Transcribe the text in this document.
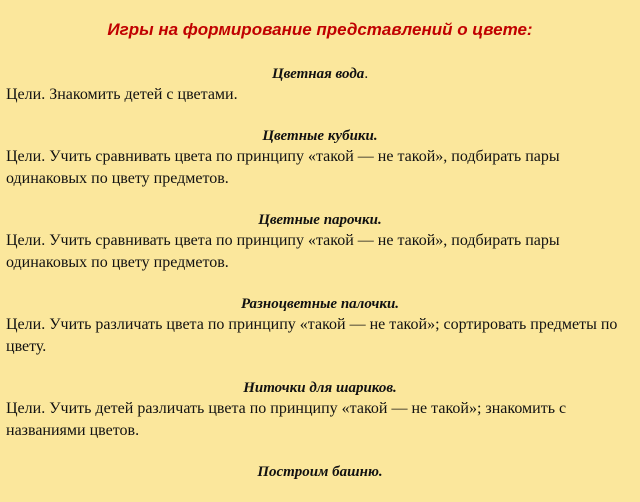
Игры на формирование представлений о цвете:
Цветная вода.
Цели. Знакомить детей с цветами.
Цветные кубики.
Цели. Учить сравнивать цвета по принципу «такой — не такой», подбирать пары одинаковых по цвету предметов.
Цветные парочки.
Цели. Учить сравнивать цвета по принципу «такой — не такой», подбирать пары одинаковых по цвету предметов.
Разноцветные палочки.
Цели. Учить различать цвета по принципу «такой — не такой»; сортировать предметы по цвету.
Ниточки для шариков.
Цели. Учить детей различать цвета по принципу «такой — не такой»; знакомить с названиями цветов.
Построим башню.
